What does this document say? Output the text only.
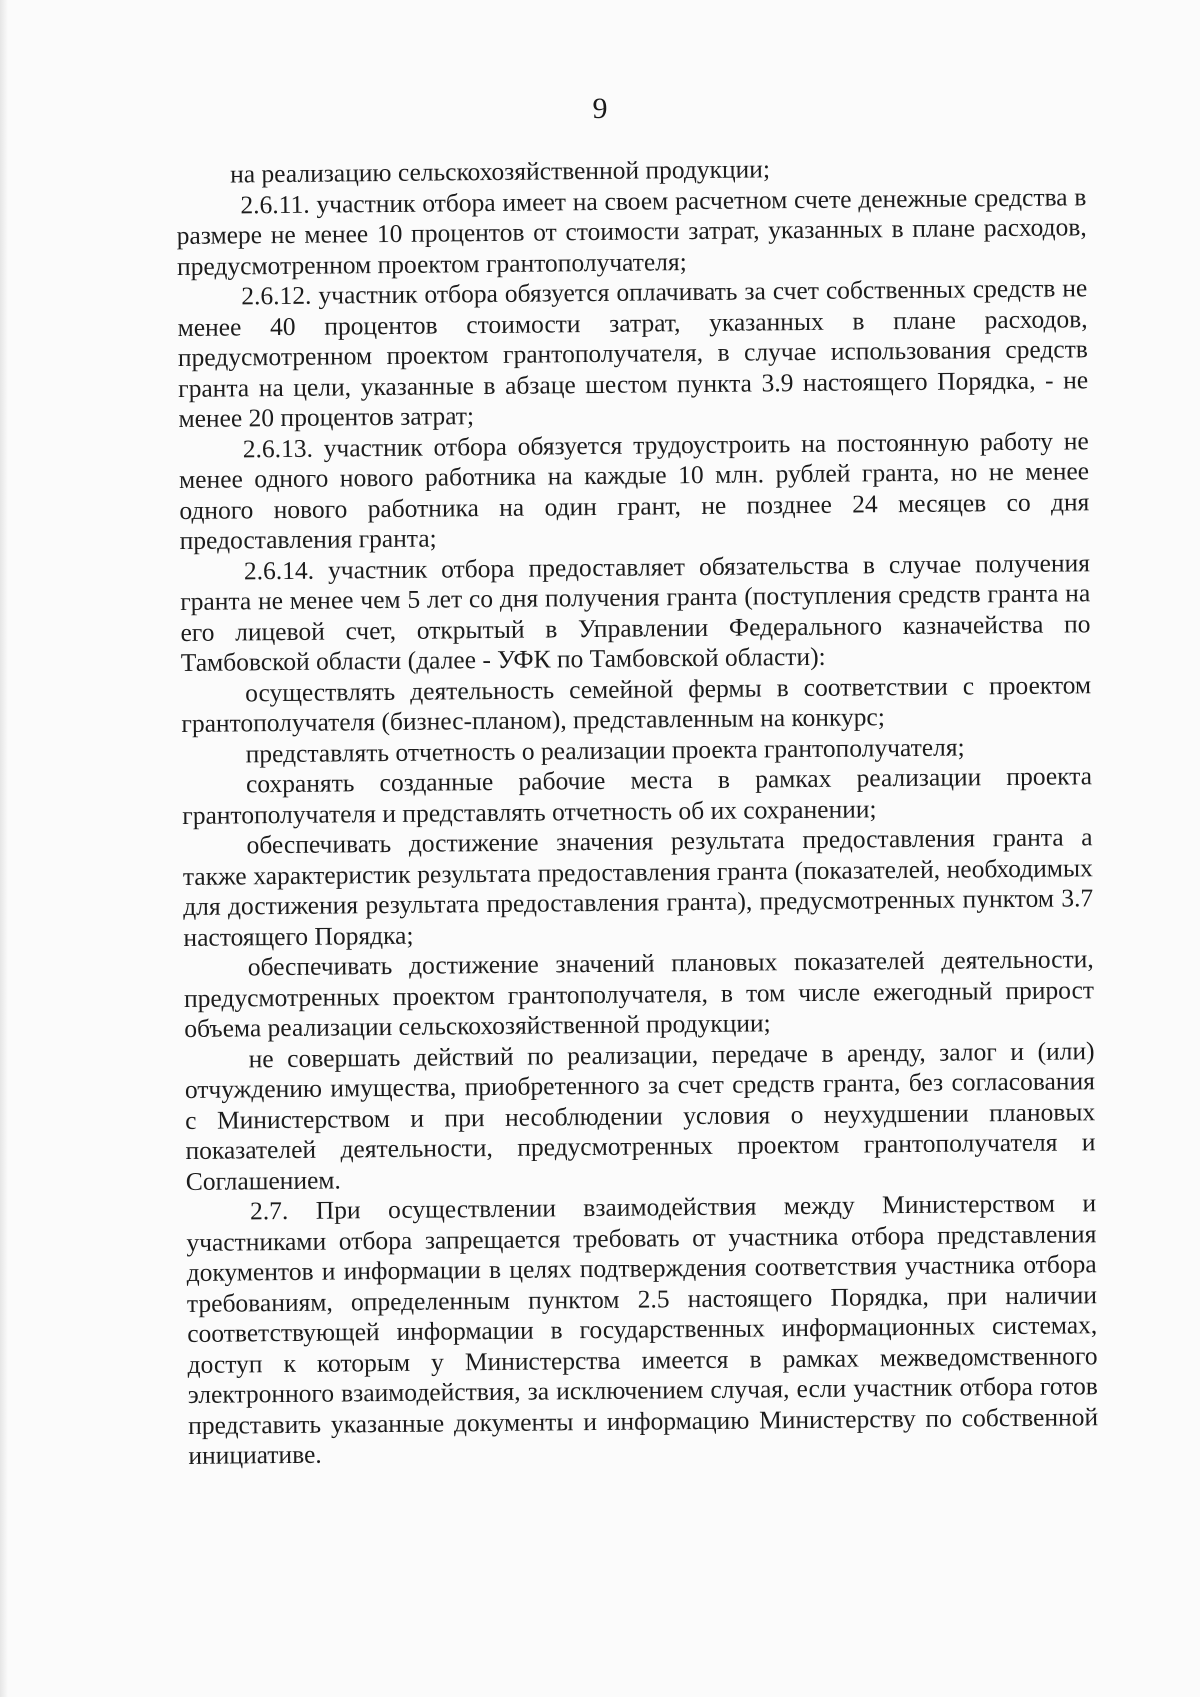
9

на реализацию сельскохозяйственной продукции;

2.6.11. участник отбора имеет на своем расчетном счете денежные средства в размере не менее 10 процентов от стоимости затрат, указанных в плане расходов, предусмотренном проектом грантополучателя;

2.6.12. участник отбора обязуется оплачивать за счет собственных средств не менее 40 процентов стоимости затрат, указанных в плане расходов, предусмотренном проектом грантополучателя, в случае использования средств гранта на цели, указанные в абзаце шестом пункта 3.9 настоящего Порядка, - не менее 20 процентов затрат;

2.6.13. участник отбора обязуется трудоустроить на постоянную работу не менее одного нового работника на каждые 10 млн. рублей гранта, но не менее одного нового работника на один грант, не позднее 24 месяцев со дня предоставления гранта;

2.6.14. участник отбора предоставляет обязательства в случае получения гранта не менее чем 5 лет со дня получения гранта (поступления средств гранта на его лицевой счет, открытый в Управлении Федерального казначейства по Тамбовской области (далее - УФК по Тамбовской области):

осуществлять деятельность семейной фермы в соответствии с проектом грантополучателя (бизнес-планом), представленным на конкурс;

представлять отчетность о реализации проекта грантополучателя;

сохранять созданные рабочие места в рамках реализации проекта грантополучателя и представлять отчетность об их сохранении;

обеспечивать достижение значения результата предоставления гранта а также характеристик результата предоставления гранта (показателей, необходимых для достижения результата предоставления гранта), предусмотренных пунктом 3.7 настоящего Порядка;

обеспечивать достижение значений плановых показателей деятельности, предусмотренных проектом грантополучателя, в том числе ежегодный прирост объема реализации сельскохозяйственной продукции;

не совершать действий по реализации, передаче в аренду, залог и (или) отчуждению имущества, приобретенного за счет средств гранта, без согласования с Министерством и при несоблюдении условия о неухудшении плановых показателей деятельности, предусмотренных проектом грантополучателя и Соглашением.

2.7. При осуществлении взаимодействия между Министерством и участниками отбора запрещается требовать от участника отбора представления документов и информации в целях подтверждения соответствия участника отбора требованиям, определенным пунктом 2.5 настоящего Порядка, при наличии соответствующей информации в государственных информационных системах, доступ к которым у Министерства имеется в рамках межведомственного электронного взаимодействия, за исключением случая, если участник отбора готов представить указанные документы и информацию Министерству по собственной инициативе.
